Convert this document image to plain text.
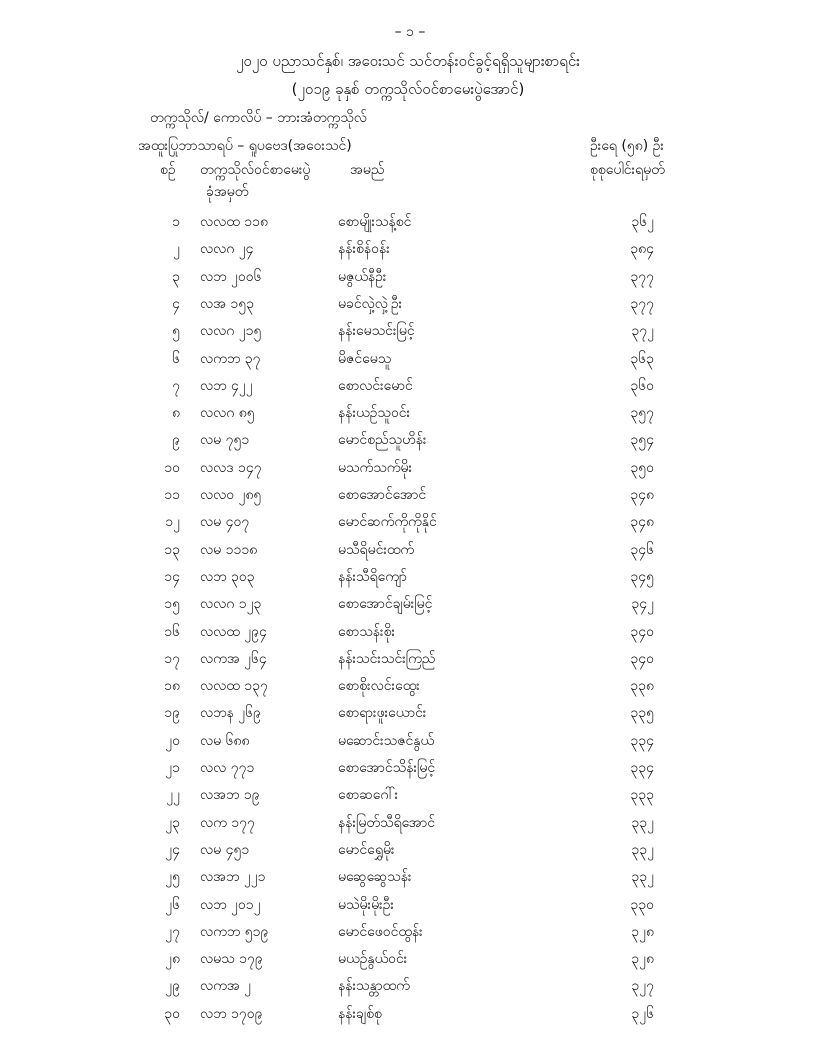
– ၁ –
၂၀၂၀ ပညာသင်နှစ်၊ အဝေးသင် သင်တန်းဝင်ခွင့်ရရှိသူများစာရင်း
(၂၀၁၉ ခုနှစ် တက္ကသိုလ်ဝင်စာမေးပွဲအောင်)
တက္ကသိုလ်/ ကောလိပ် – ဘားအံတက္ကသိုလ်
အထူးပြုဘာသာရပ် – ရူပဗေဒ(အဝေးသင်)	ဦးရေ (၅၈) ဦး
စဉ် တက္ကသိုလ်ဝင်စာမေးပွဲ
ခုံအမှတ်
အမည်	စုစုပေါင်းရမှတ်
၁ လလထ ၁၁၈	စောမျိုးသန့်စင်	၃၆၂
၂ လလဂ ၂၄	နန်းစိန်ဝန်း	၃၈၄
၃ လဘ ၂၀၀၆	မဇွယ်နီဦး	၃၇၇
၄ လအ ၁၅၃	မခင်လှဲ့လှဲ့ဦး	၃၇၇
၅ လလဂ ၂၁၅	နန်းမေသင်းမြင့်	၃၇၂
၆ လကဘ ၃၇	မိဇင်မေသူ	၃၆၃
၇ လဘ ၄၂၂	စောလင်းမောင်	၃၆၀
၈ လလဂ ၈၅	နန်းယဉ်သူဝင်း	၃၅၇
၉ လမ ၇၅၁	မောင်စည်သူဟိန်း	၃၅၄
၁၀ လလဒ ၁၄၇	မသက်သက်မိုး	၃၅၀
၁၁ လလဝ ၂၈၅	စောအောင်အောင်	၃၄၈
၁၂ လမ ၄၀၇	မောင်ဆက်ကိုကိုနိုင်	၃၄၈
၁၃ လမ ၁၁၁၈	မသီရိမင်းထက်	၃၄၆
၁၄ လဘ ၃၀၃	နန်းသီရိကျော်	၃၄၅
၁၅ လလဂ ၁၂၃	စောအောင်ချမ်းမြင့်	၃၄၂
၁၆ လလထ ၂၉၄	စောသန်းစိုး	၃၄၀
၁၇ လကအ ၂၆၄	နန်းသင်းသင်းကြည်	၃၄၀
၁၈ လလထ ၁၃၇	စောစိုးလင်းထွေး	၃၃၈
၁၉ လဘန ၂၆၉	စောရားဖူးယောင်း	၃၃၅
၂၀ လမ ၆၈၈	မဆောင်းသဇင်နွယ်	၃၃၄
၂၁ လလ ၇၇၁	စောအောင်သိန်းမြင့်	၃၃၄
၂၂ လအဘ ၁၉	စောဆဂေါ်း	၃၃၃
၂၃ လက ၁၇၇	နန်းမြတ်သီရိအောင်	၃၃၂
၂၄ လမ ၄၅၁	မောင်ရွှေမိုး	၃၃၂
၂၅ လအဘ ၂၂၁	မဆွေဆွေသန်း	၃၃၂
၂၆ လဘ ၂၀၁၂	မသဲမိုးမိုးဦး	၃၃၀
၂၇ လကဘ ၅၁၉	မောင်ဖေဝင်ထွန်း	၃၂၈
၂၈ လမသ ၁၇၉	မယဉ်နွယ်ဝင်း	၃၂၈
၂၉ လကအ ၂	နန်းသန္တာထက်	၃၂၇
၃၀ လဘ ၁၇၀၉	နန်းချစ်စု	၃၂၆
